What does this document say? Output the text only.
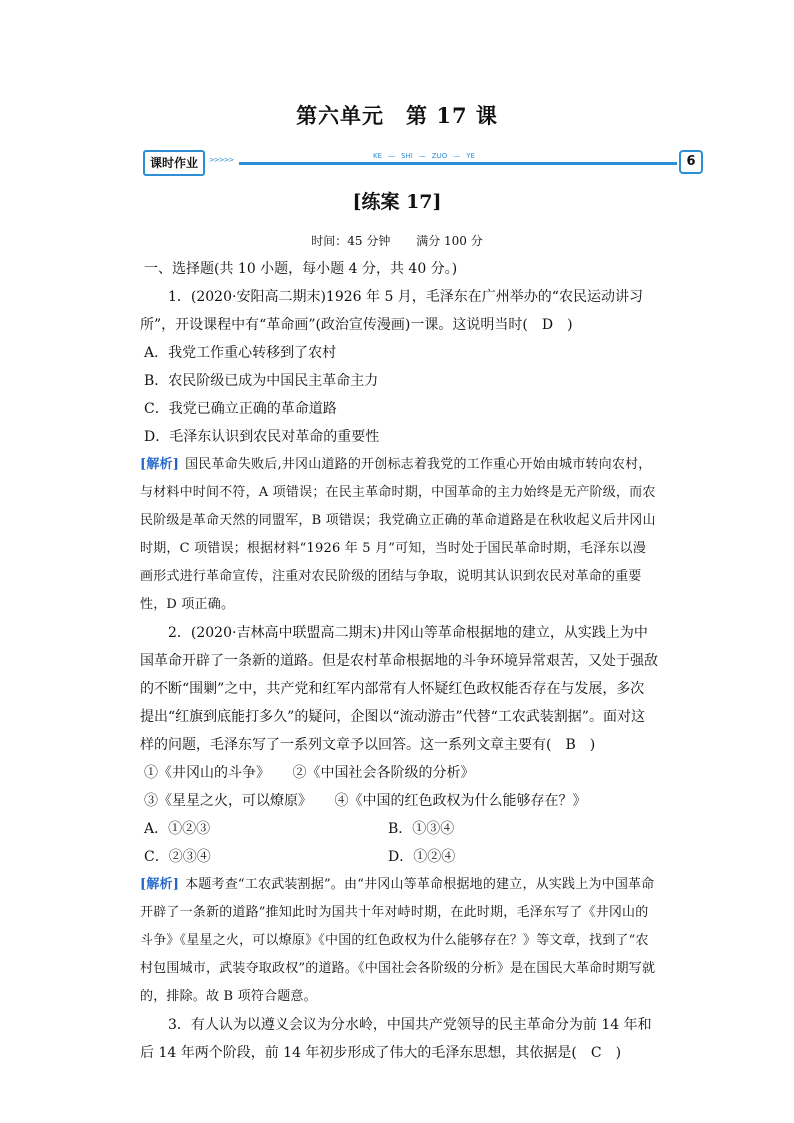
第六单元　第 17 课
课时作业	>>>>>	KE — SHI — ZUO — YE	6
[练案 17]
时间：45 分钟 满分 100 分

一、选择题(共 10 小题，每小题 4 分，共 40 分。)

1．(2020·安阳高二期末)1926 年 5 月，毛泽东在广州举办的“农民运动讲习所”，开设课程中有“革命画”(政治宣传漫画)一课。这说明当时(　D　)

A．我党工作重心转移到了农村

B．农民阶级已成为中国民主革命主力

C．我党已确立正确的革命道路

D．毛泽东认识到农民对革命的重要性

[解析] 国民革命失败后,井冈山道路的开创标志着我党的工作重心开始由城市转向农村，与材料中时间不符，A 项错误；在民主革命时期，中国革命的主力始终是无产阶级，而农民阶级是革命天然的同盟军，B 项错误；我党确立正确的革命道路是在秋收起义后井冈山时期，C 项错误；根据材料“1926 年 5 月”可知，当时处于国民革命时期，毛泽东以漫画形式进行革命宣传，注重对农民阶级的团结与争取，说明其认识到农民对革命的重要性，D 项正确。

2．(2020·吉林高中联盟高二期末)井冈山等革命根据地的建立，从实践上为中国革命开辟了一条新的道路。但是农村革命根据地的斗争环境异常艰苦，又处于强敌的不断“围剿”之中，共产党和红军内部常有人怀疑红色政权能否存在与发展，多次提出“红旗到底能打多久”的疑问，企图以“流动游击”代替“工农武装割据”。面对这样的问题，毛泽东写了一系列文章予以回答。这一系列文章主要有(　B　)

①《井冈山的斗争》 ②《中国社会各阶级的分析》
③《星星之火，可以燎原》 ④《中国的红色政权为什么能够存在？》
A．①②③	B．①③④
C．②③④	D．①②④

[解析] 本题考查“工农武装割据”。由“井冈山等革命根据地的建立，从实践上为中国革命开辟了一条新的道路”推知此时为国共十年对峙时期，在此时期，毛泽东写了《井冈山的斗争》《星星之火，可以燎原》《中国的红色政权为什么能够存在？》等文章，找到了“农村包围城市，武装夺取政权”的道路。《中国社会各阶级的分析》是在国民大革命时期写就的，排除。故 B 项符合题意。

3．有人认为以遵义会议为分水岭，中国共产党领导的民主革命分为前 14 年和后 14 年两个阶段，前 14 年初步形成了伟大的毛泽东思想，其依据是(　C　)
